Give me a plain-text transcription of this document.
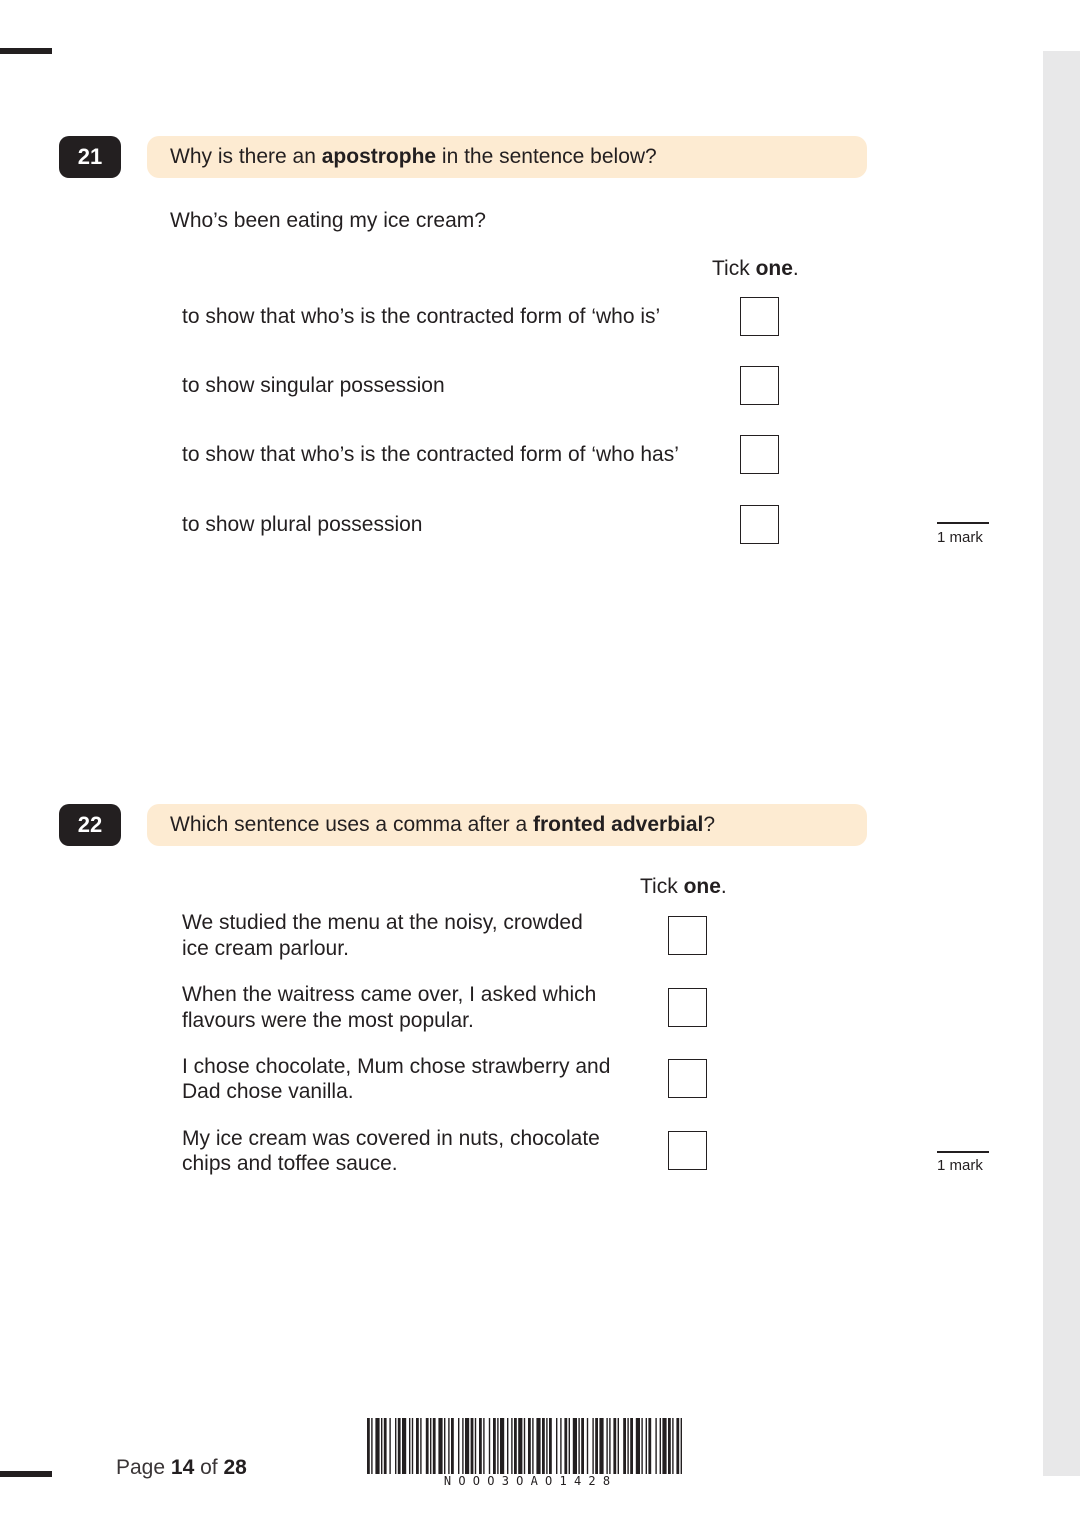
21	Why is there an apostrophe in the sentence below?
Who’s been eating my ice cream?
Tick one.
to show that who’s is the contracted form of ‘who is’
to show singular possession
to show that who’s is the contracted form of ‘who has’
to show plural possession
1 mark
22	Which sentence uses a comma after a fronted adverbial?
Tick one.
We studied the menu at the noisy, crowded
ice cream parlour.
When the waitress came over, I asked which
flavours were the most popular.
I chose chocolate, Mum chose strawberry and
Dad chose vanilla.
My ice cream was covered in nuts, chocolate
chips and toffee sauce.	1 mark
Page 14 of 28
N O O O 3 O A O 1 4 2 8
